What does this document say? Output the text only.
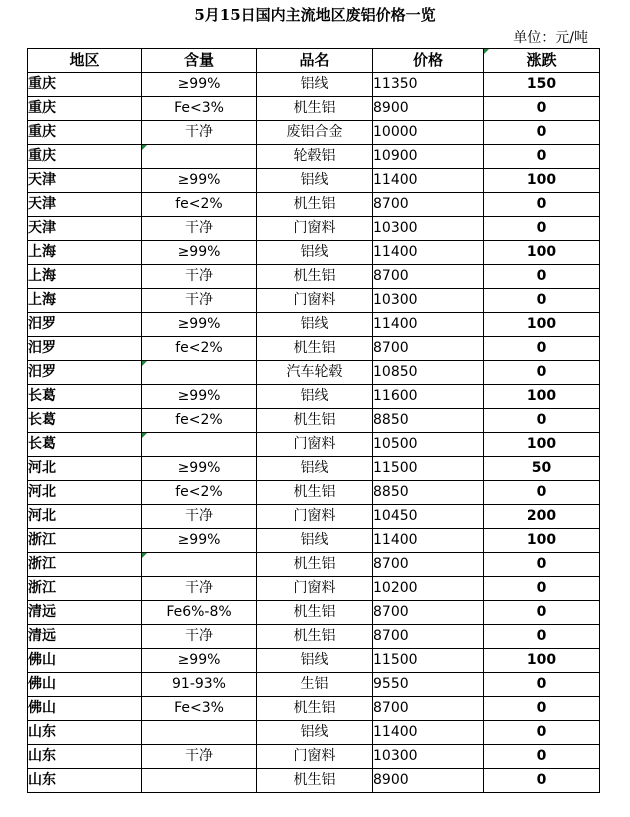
5月15日国内主流地区废铝价格一览
单位：元/吨
地区	含量	品名	价格	涨跌
重庆	≥99%	铝线	11350	150
重庆	Fe<3%	机生铝	8900	0
重庆	干净	废铝合金	10000	0
重庆		轮毂铝	10900	0
天津	≥99%	铝线	11400	100
天津	fe<2%	机生铝	8700	0
天津	干净	门窗料	10300	0
上海	≥99%	铝线	11400	100
上海	干净	机生铝	8700	0
上海	干净	门窗料	10300	0
汨罗	≥99%	铝线	11400	100
汨罗	fe<2%	机生铝	8700	0
汨罗		汽车轮毂	10850	0
长葛	≥99%	铝线	11600	100
长葛	fe<2%	机生铝	8850	0
长葛		门窗料	10500	100
河北	≥99%	铝线	11500	50
河北	fe<2%	机生铝	8850	0
河北	干净	门窗料	10450	200
浙江	≥99%	铝线	11400	100
浙江		机生铝	8700	0
浙江	干净	门窗料	10200	0
清远	Fe6%-8%	机生铝	8700	0
清远	干净	机生铝	8700	0
佛山	≥99%	铝线	11500	100
佛山	91-93%	生铝	9550	0
佛山	Fe<3%	机生铝	8700	0
山东		铝线	11400	0
山东	干净	门窗料	10300	0
山东		机生铝	8900	0
